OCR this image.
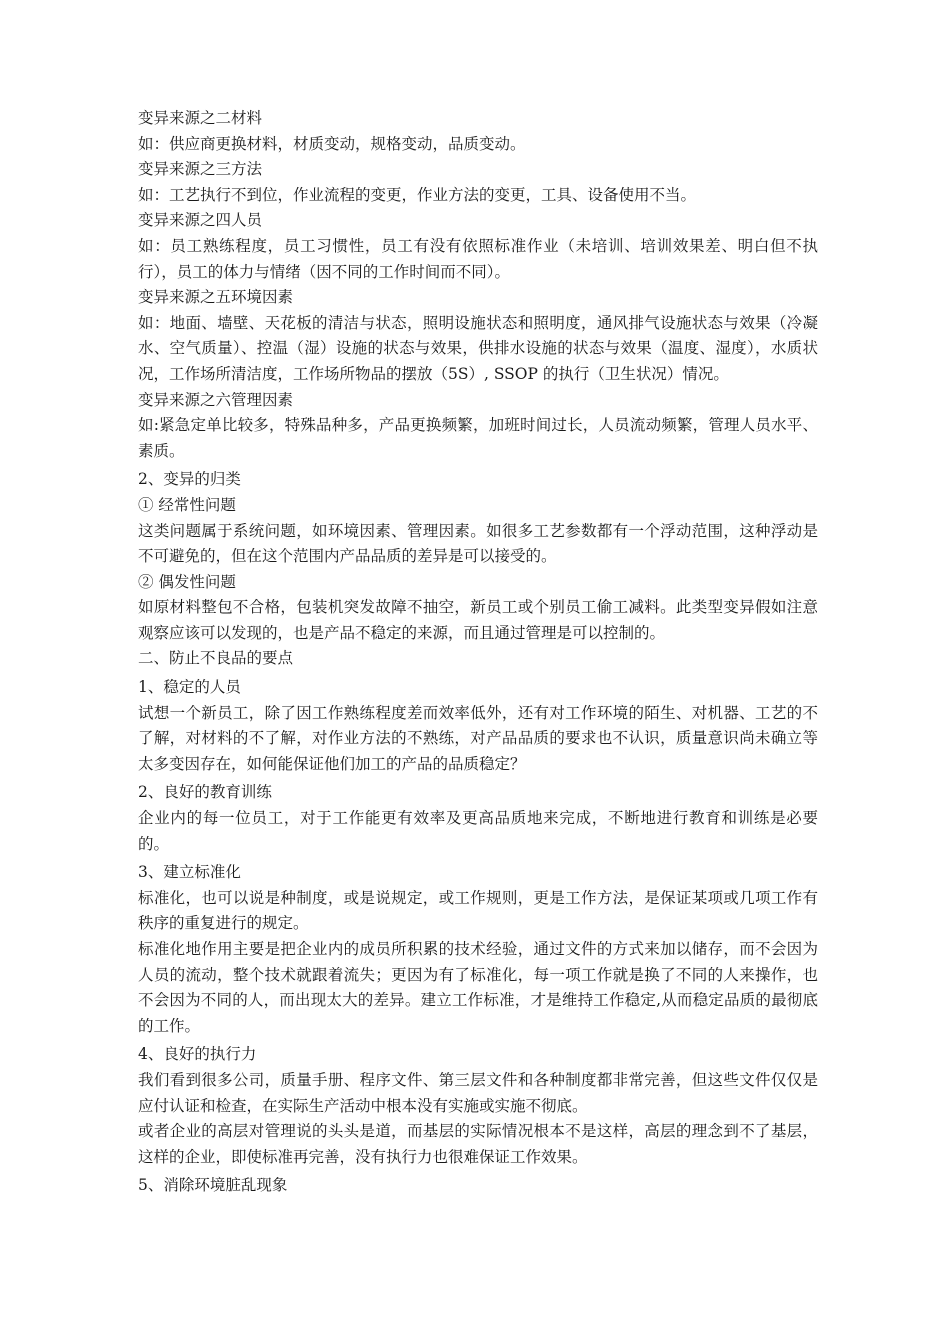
变异来源之二材料

如：供应商更换材料，材质变动，规格变动，品质变动。

变异来源之三方法

如：工艺执行不到位，作业流程的变更，作业方法的变更，工具、设备使用不当。

变异来源之四人员

如：员工熟练程度，员工习惯性，员工有没有依照标准作业（未培训、培训效果差、明白但不执行），员工的体力与情绪（因不同的工作时间而不同）。

变异来源之五环境因素

如：地面、墙壁、天花板的清洁与状态，照明设施状态和照明度，通风排气设施状态与效果（冷凝水、空气质量）、控温（湿）设施的状态与效果，供排水设施的状态与效果（温度、湿度），水质状况，工作场所清洁度，工作场所物品的摆放（5S）, SSOP 的执行（卫生状况）情况。

变异来源之六管理因素

如:紧急定单比较多，特殊品种多，产品更换频繁，加班时间过长，人员流动频繁，管理人员水平、素质。

2、变异的归类

① 经常性问题

这类问题属于系统问题，如环境因素、管理因素。如很多工艺参数都有一个浮动范围，这种浮动是不可避免的，但在这个范围内产品品质的差异是可以接受的。

② 偶发性问题

如原材料整包不合格，包装机突发故障不抽空，新员工或个别员工偷工减料。此类型变异假如注意观察应该可以发现的，也是产品不稳定的来源，而且通过管理是可以控制的。

二、防止不良品的要点

1、稳定的人员

试想一个新员工，除了因工作熟练程度差而效率低外，还有对工作环境的陌生、对机器、工艺的不了解，对材料的不了解，对作业方法的不熟练，对产品品质的要求也不认识，质量意识尚未确立等太多变因存在，如何能保证他们加工的产品的品质稳定？

2、良好的教育训练

企业内的每一位员工，对于工作能更有效率及更高品质地来完成，不断地进行教育和训练是必要的。

3、建立标准化

标准化，也可以说是种制度，或是说规定，或工作规则，更是工作方法，是保证某项或几项工作有秩序的重复进行的规定。

标准化地作用主要是把企业内的成员所积累的技术经验，通过文件的方式来加以储存，而不会因为人员的流动，整个技术就跟着流失；更因为有了标准化，每一项工作就是换了不同的人来操作，也不会因为不同的人，而出现太大的差异。建立工作标准，才是维持工作稳定,从而稳定品质的最彻底的工作。

4、良好的执行力

我们看到很多公司，质量手册、程序文件、第三层文件和各种制度都非常完善，但这些文件仅仅是应付认证和检查，在实际生产活动中根本没有实施或实施不彻底。

或者企业的高层对管理说的头头是道，而基层的实际情况根本不是这样，高层的理念到不了基层，这样的企业，即使标准再完善，没有执行力也很难保证工作效果。

5、消除环境脏乱现象
